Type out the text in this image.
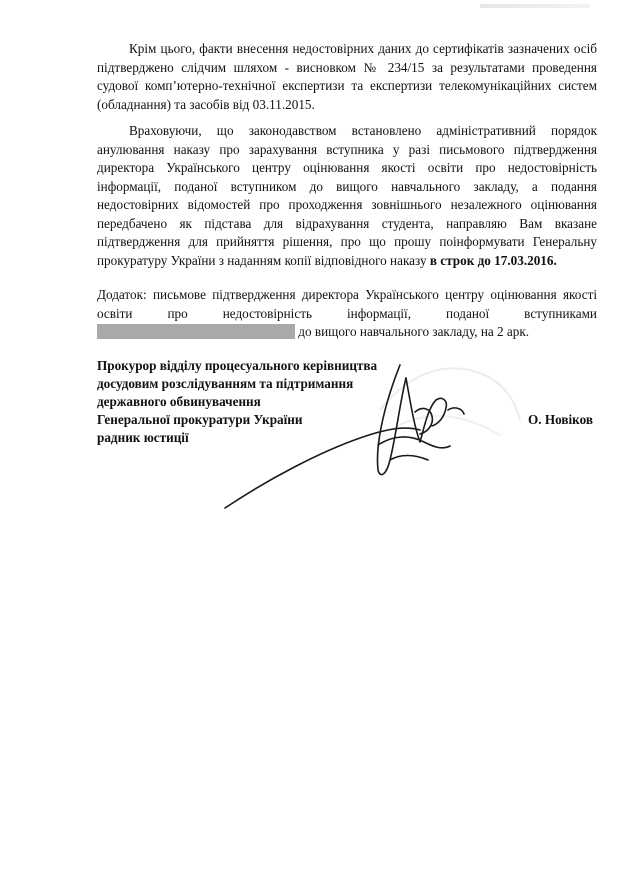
Крім цього, факти внесення недостовірних даних до сертифікатів зазначених осіб підтверджено слідчим шляхом - висновком № 234/15 за результатами проведення судової комп’ютерно-технічної експертизи та експертизи телекомунікаційних систем (обладнання) та засобів від 03.11.2015.

Враховуючи, що законодавством встановлено адміністративний порядок анулювання наказу про зарахування вступника у разі письмового підтвердження директора Українського центру оцінювання якості освіти про недостовірність інформації, поданої вступником до вищого навчального закладу, а подання недостовірних відомостей про проходження зовнішнього незалежного оцінювання передбачено як підстава для відрахування студента, направляю Вам вказане підтвердження для прийняття рішення, про що прошу поінформувати Генеральну прокуратуру України з наданням копії відповідного наказу в строк до 17.03.2016.

Додаток: письмове підтвердження директора Українського центру оцінювання якості освіти про недостовірність інформації, поданої вступниками  до вищого навчального закладу, на 2 арк.

Прокурор відділу процесуального керівництва
досудовим розслідуванням та підтримання
державного обвинувачення
Генеральної прокуратури України
радник юстиції
О. Новіков
